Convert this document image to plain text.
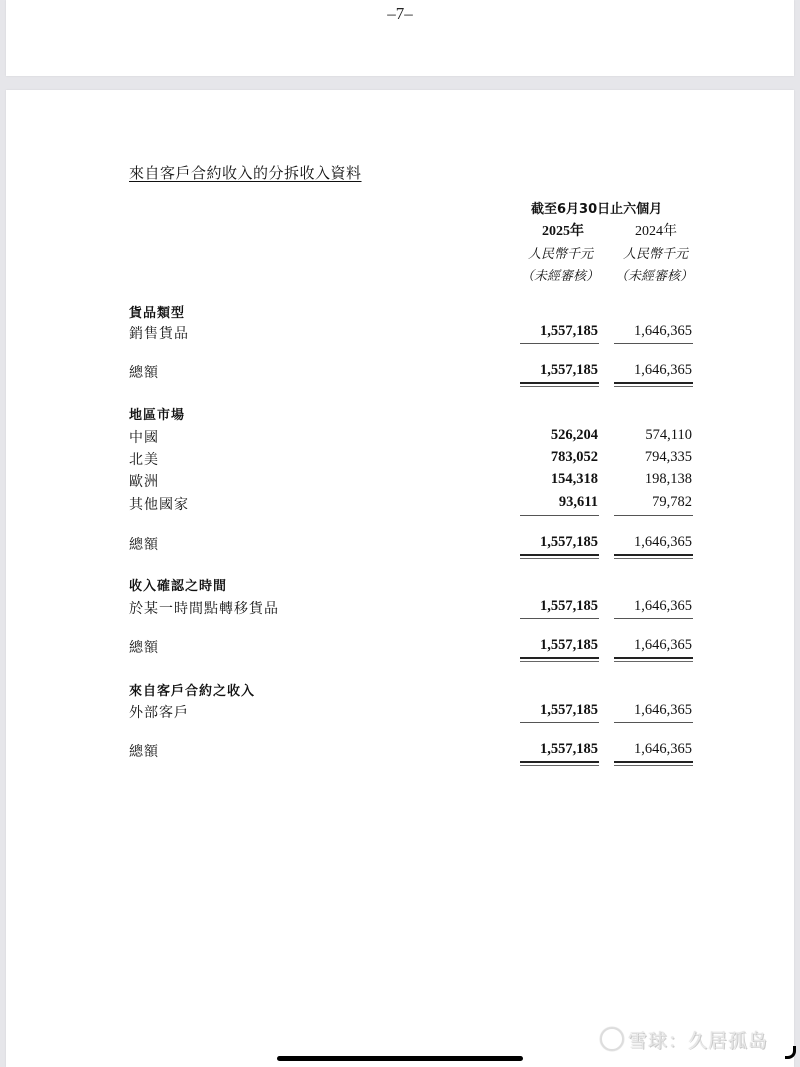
–7–
來自客戶合約收入的分拆收入資料
截至6月30日止六個月
2025年	2024年
人民幣千元 人民幣千元
（未經審核） （未經審核）
貨品類型
銷售貨品	1,557,185	1,646,365
總額	1,557,185	1,646,365
地區市場
中國	526,204	574,110
北美	783,052	794,335
歐洲	154,318	198,138
其他國家	93,611	79,782
總額	1,557,185	1,646,365
收入確認之時間
於某一時間點轉移貨品	1,557,185	1,646,365
總額	1,557,185	1,646,365
來自客戶合約之收入
外部客戶	1,557,185	1,646,365
總額	1,557,185	1,646,365
雪球：久居孤岛
